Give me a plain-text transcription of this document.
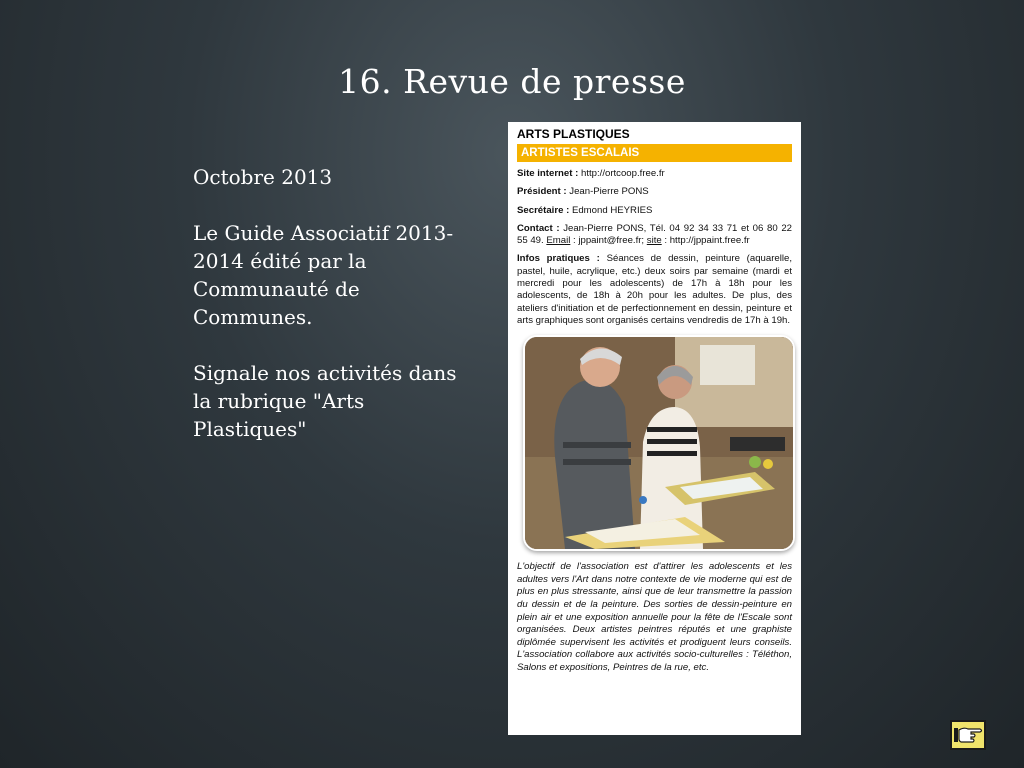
16. Revue de presse

Octobre 2013

Le Guide Associatif 2013-2014 édité par la Communauté de Communes.

Signale nos activités dans la rubrique "Arts Plastiques"

ARTS PLASTIQUES
ARTISTES ESCALAIS
Site internet : http://ortcoop.free.fr
Président : Jean-Pierre PONS
Secrétaire : Edmond HEYRIES
Contact : Jean-Pierre PONS, Tél. 04 92 34 33 71 et 06 80 22 55 49. Email : jppaint@free.fr; site : http://jppaint.free.fr
Infos pratiques : Séances de dessin, peinture (aquarelle, pastel, huile, acrylique, etc.) deux soirs par semaine (mardi et mercredi pour les adolescents) de 17h à 18h pour les adolescents, de 18h à 20h pour les adultes. De plus, des ateliers d'initiation et de perfectionnement en dessin, peinture et arts graphiques sont organisés certains vendredis de 17h à 19h.
L'objectif de l'association est d'attirer les adolescents et les adultes vers l'Art dans notre contexte de vie moderne qui est de plus en plus stressante, ainsi que de leur transmettre la passion du dessin et de la peinture. Des sorties de dessin-peinture en plein air et une exposition annuelle pour la fête de l'Escale sont organisées. Deux artistes peintres réputés et une graphiste diplômée supervisent les activités et prodiguent leurs conseils. L'association collabore aux activités socio-culturelles : Téléthon, Salons et expositions, Peintres de la rue, etc.
